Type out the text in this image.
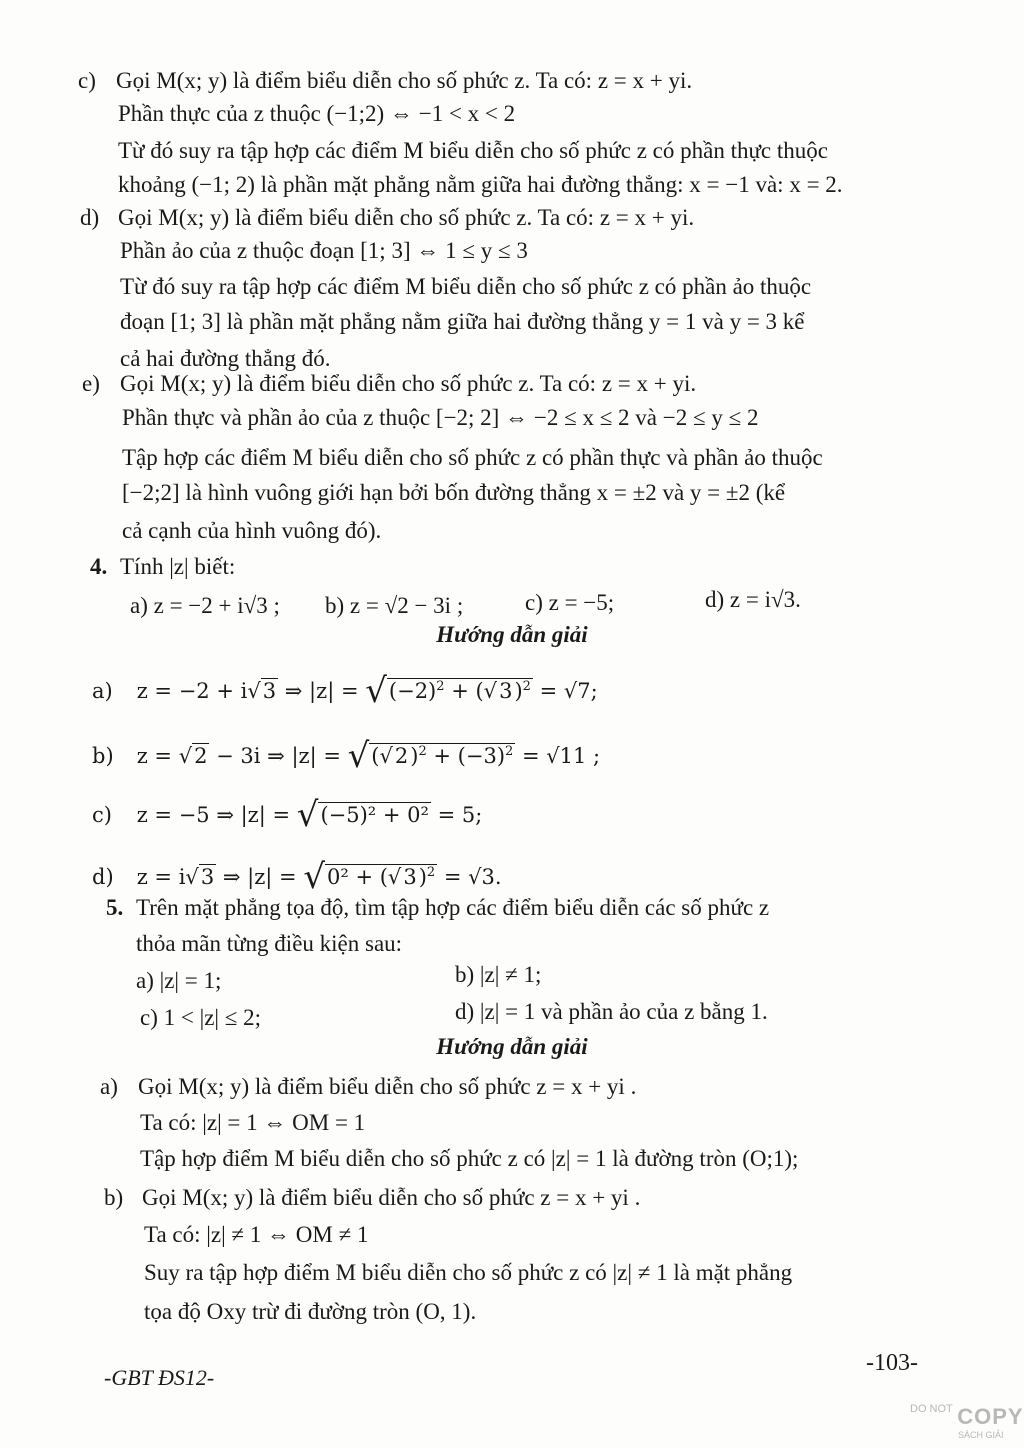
c) Gọi M(x; y) là điểm biểu diễn cho số phức z. Ta có: z = x + yi.
Phần thực của z thuộc (−1;2) ⇔ −1 < x < 2
Từ đó suy ra tập hợp các điểm M biểu diễn cho số phức z có phần thực thuộc
khoảng (−1; 2) là phần mặt phẳng nằm giữa hai đường thẳng: x = −1 và: x = 2.
d) Gọi M(x; y) là điểm biểu diễn cho số phức z. Ta có: z = x + yi.
Phần ảo của z thuộc đoạn [1; 3] ⇔ 1 ≤ y ≤ 3
Từ đó suy ra tập hợp các điểm M biểu diễn cho số phức z có phần ảo thuộc
đoạn [1; 3] là phần mặt phẳng nằm giữa hai đường thẳng y = 1 và y = 3 kể
cả hai đường thẳng đó.
e) Gọi M(x; y) là điểm biểu diễn cho số phức z. Ta có: z = x + yi.
Phần thực và phần ảo của z thuộc [−2; 2] ⇔ −2 ≤ x ≤ 2 và −2 ≤ y ≤ 2
Tập hợp các điểm M biểu diễn cho số phức z có phần thực và phần ảo thuộc
[−2;2] là hình vuông giới hạn bởi bốn đường thẳng x = ±2 và y = ±2 (kể
cả cạnh của hình vuông đó).
4. Tính |z| biết:
a) z = −2 + i√3 ; b) z = √2 − 3i ;	c) z = −5;	d) z = i√3.
Hướng dẫn giải
a) z = −2 + i√3 ⇒ $|z| = √(-2)^2 + (√3)^2 = √7$;
b) z = √2 − 3i ⇒ $|z| = √(√2)^2 + (-3)^2 = √11$ ;
c) z = −5 ⇒ |z| = √(−5)² + 0² = 5;
d) z = i√3 ⇒ $|z| = √0^2 + (√3)^2 = √3$.
5. Trên mặt phẳng tọa độ, tìm tập hợp các điểm biểu diễn các số phức z
thỏa mãn từng điều kiện sau:
a) |z| = 1;	b) |z| ≠ 1;
c) 1 < |z| ≤ 2;	d) |z| = 1 và phần ảo của z bằng 1.
Hướng dẫn giải
a) Gọi M(x; y) là điểm biểu diễn cho số phức z = x + yi .
Ta có: |z| = 1 ⇔ OM = 1
Tập hợp điểm M biểu diễn cho số phức z có |z| = 1 là đường tròn (O;1);
b) Gọi M(x; y) là điểm biểu diễn cho số phức z = x + yi .
Ta có: |z| ≠ 1 ⇔ OM ≠ 1
Suy ra tập hợp điểm M biểu diễn cho số phức z có |z| ≠ 1 là mặt phẳng
tọa độ Oxy trừ đi đường tròn (O, 1).
-GBT ĐS12-
-103-
DO NOT COPY
SÁCH GIẢI
